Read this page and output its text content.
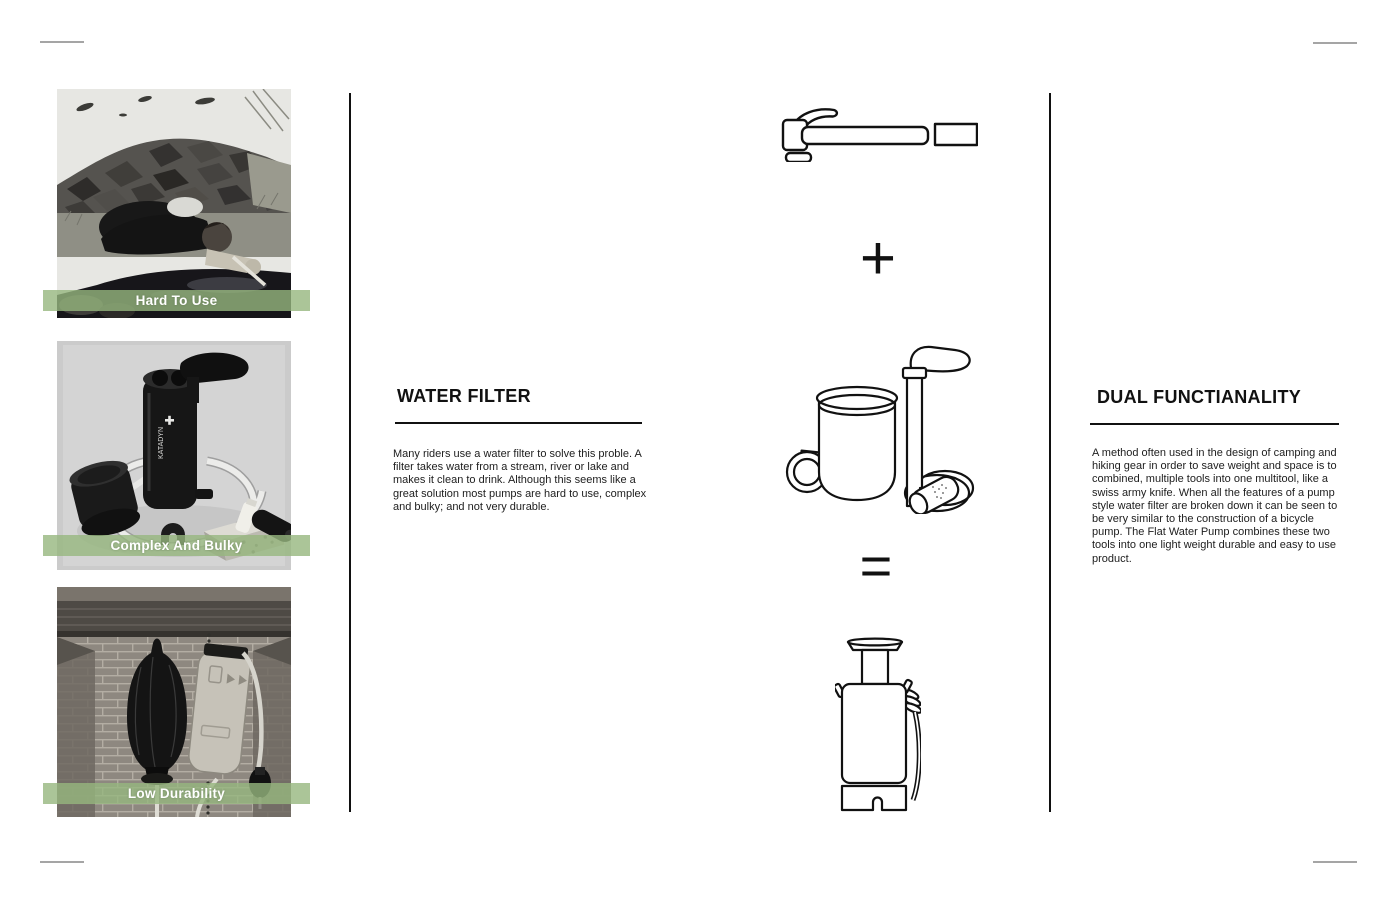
Hard To Use
KATADYN
Complex And Bulky
Low Durability
WATER FILTER
Many riders use a water filter to solve this proble. A filter takes water from a stream, river or lake and makes it clean to drink. Although this seems like a great solution most pumps are hard to use, complex and bulky; and not very durable.
+
=
DUAL FUNCTIANALITY
A method often used in the design of camping and hiking gear in order to save weight and space is to combined, multiple tools into one multitool, like a swiss army knife. When all the features of a pump style water filter are broken down it can be seen to be very similar to the construction of a bicycle pump. The Flat Water Pump combines these two tools into one light weight durable and easy to use product.
